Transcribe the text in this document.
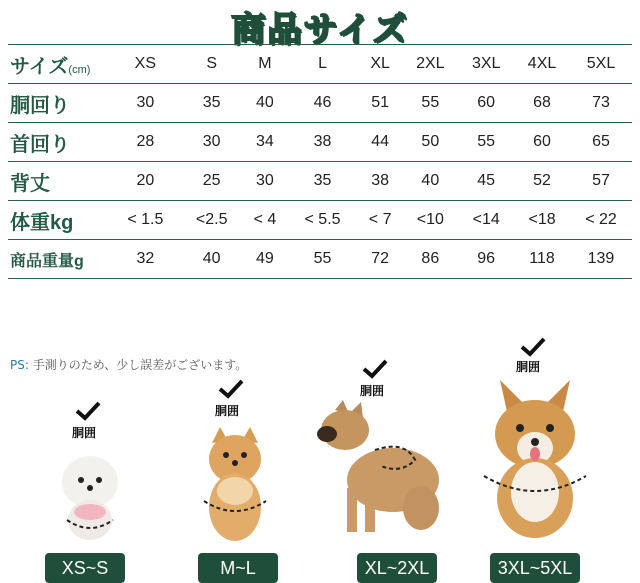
商品サイズ
サイズ(cm)	XS	S	M	L	XL	2XL	3XL	4XL	5XL
胴回り	30	35	40	46	51	55	60	68	73
首回り	28	30	34	38	44	50	55	60	65
背丈	20	25	30	35	38	40	45	52	57
体重kg	< 1.5	<2.5	< 4	< 5.5	< 7	<10	<14	<18	< 22
商品重量g	32	40	49	55	72	86	96	118	139
PS: 手測りのため、少し誤差がございます。
胴囲
XS~S
胴囲
M~L
胴囲
XL~2XL
胴囲
3XL~5XL
